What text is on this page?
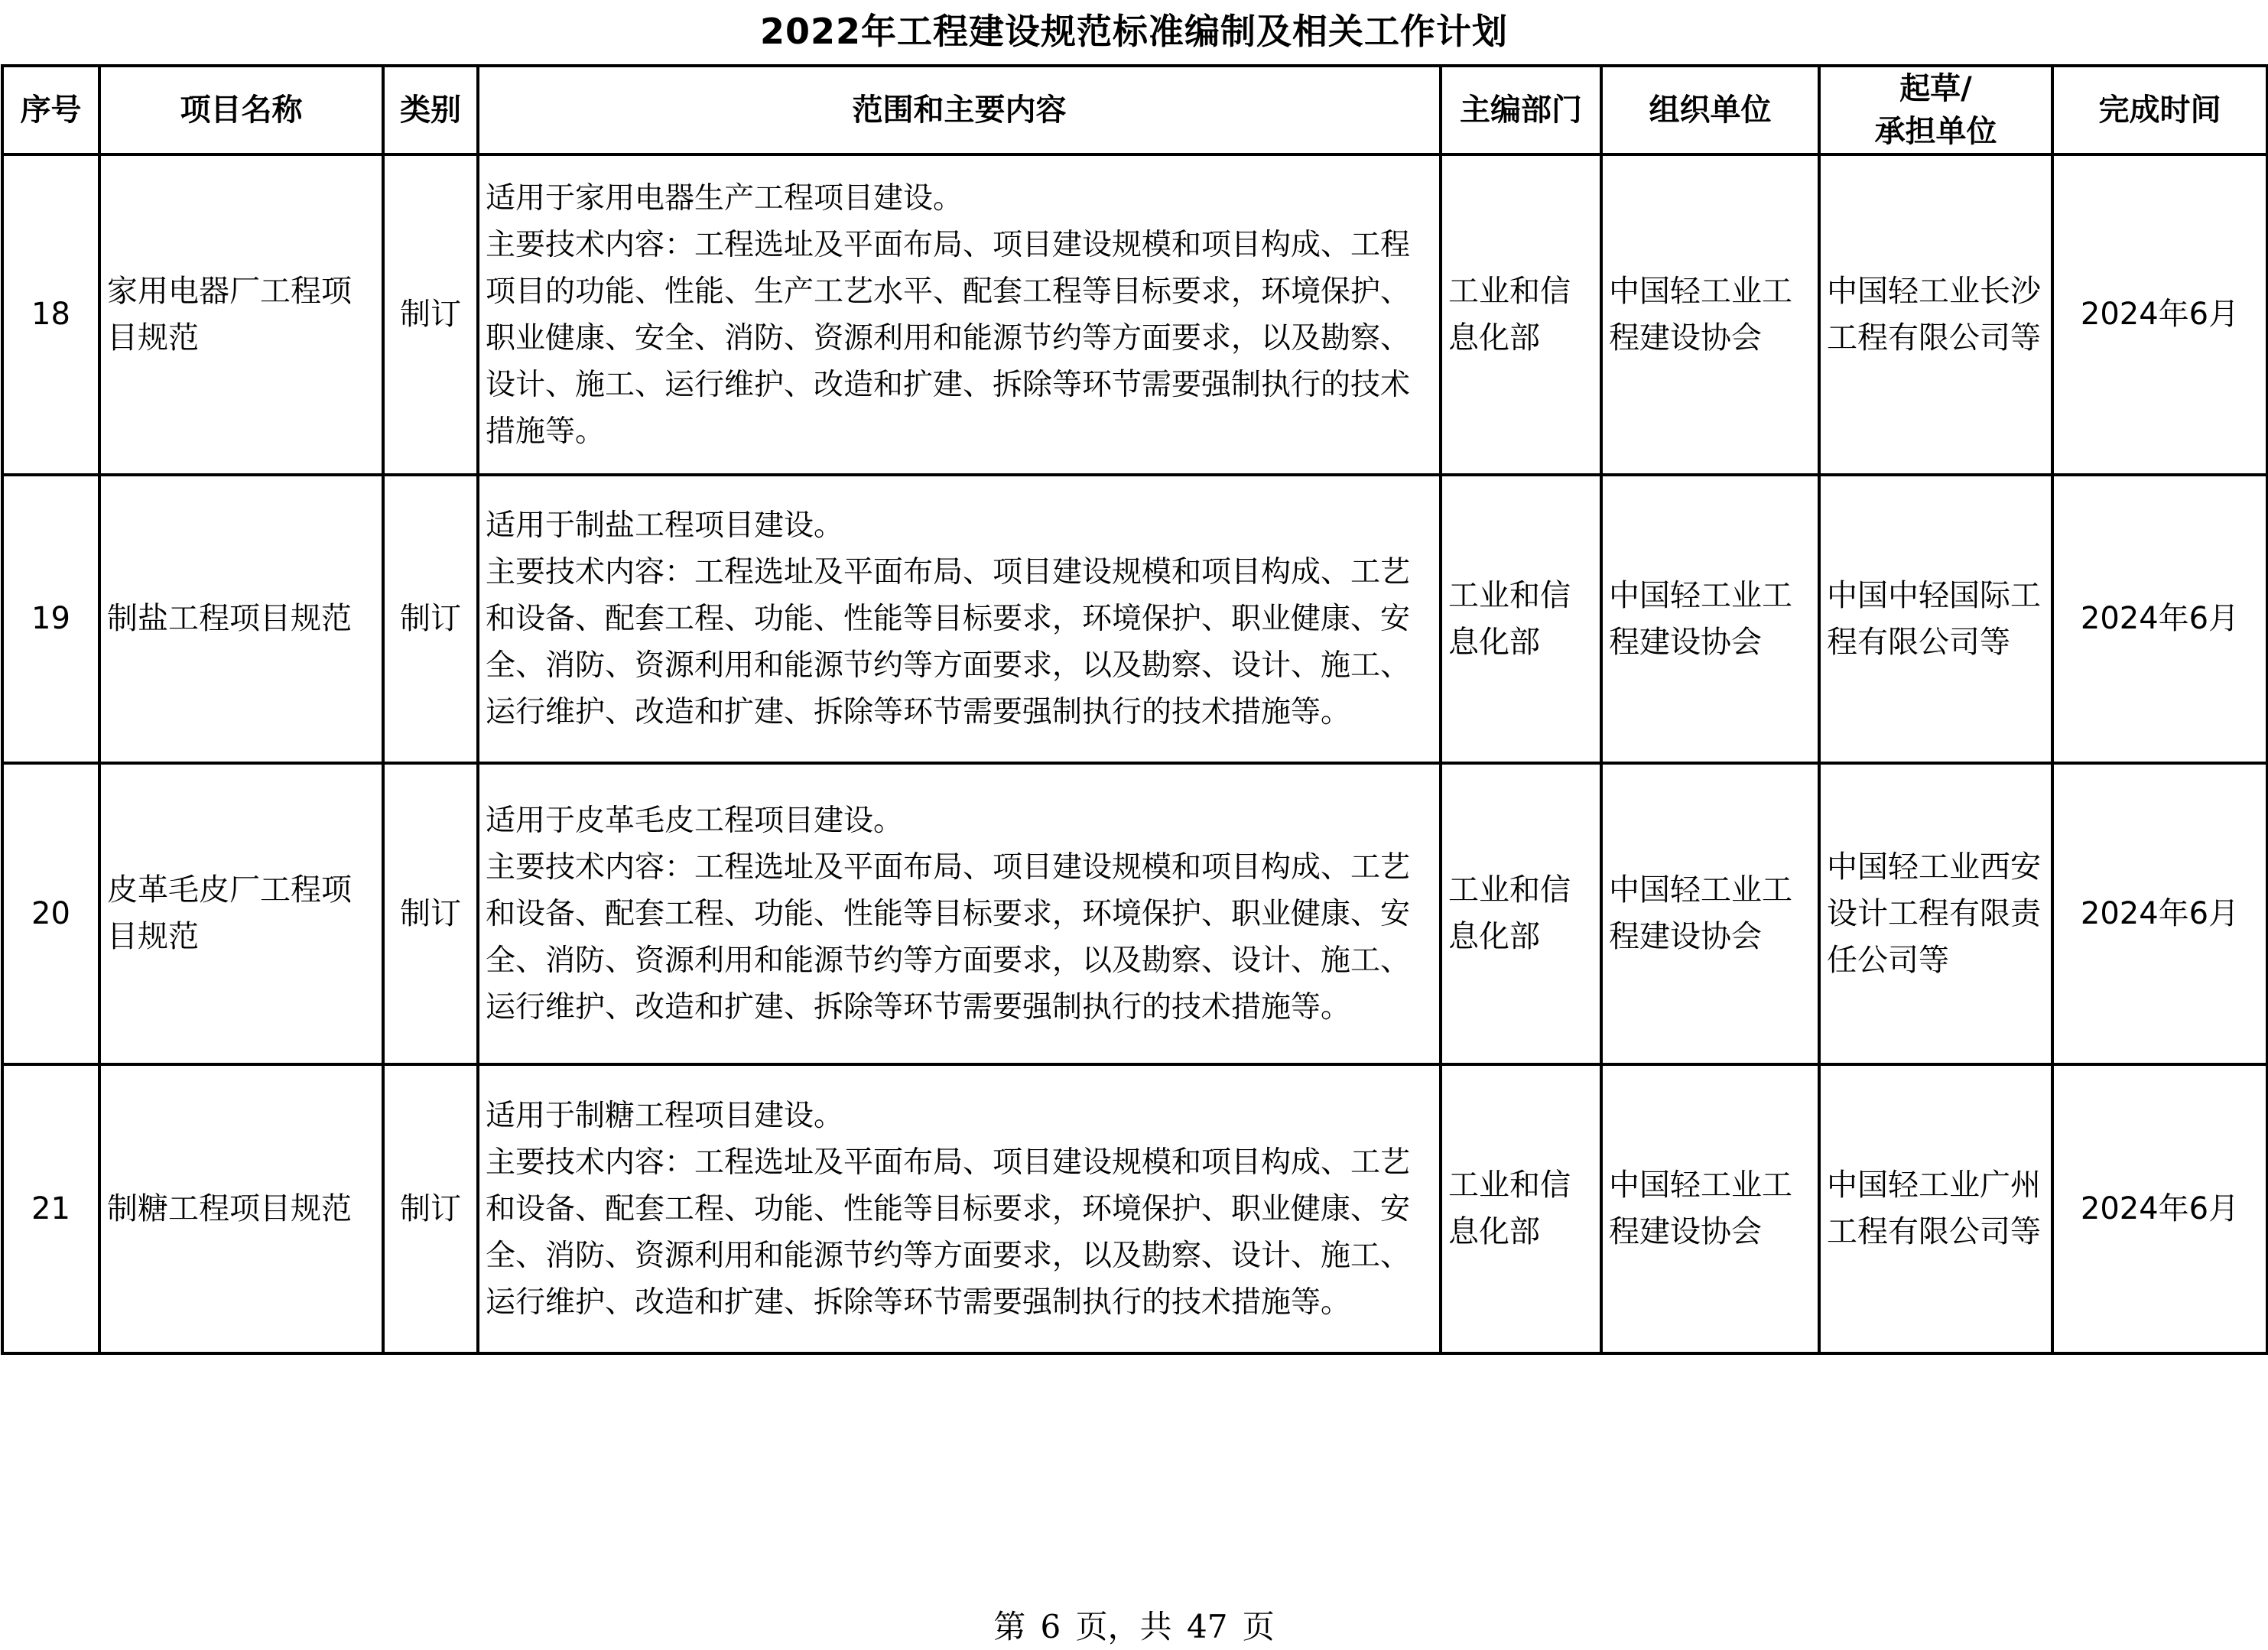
2022年工程建设规范标准编制及相关工作计划
序号	项目名称	类别	范围和主要内容	主编部门	组织单位	起草/
承担单位	完成时间
18	家用电器厂工程项目规范	制订	适用于家用电器生产工程项目建设。
主要技术内容：工程选址及平面布局、项目建设规模和项目构成、工程项目的功能、性能、生产工艺水平、配套工程等目标要求，环境保护、职业健康、安全、消防、资源利用和能源节约等方面要求，以及勘察、设计、施工、运行维护、改造和扩建、拆除等环节需要强制执行的技术措施等。	工业和信息化部	中国轻工业工程建设协会	中国轻工业长沙工程有限公司等	2024年6月
19	制盐工程项目规范	制订	适用于制盐工程项目建设。
主要技术内容：工程选址及平面布局、项目建设规模和项目构成、工艺和设备、配套工程、功能、性能等目标要求，环境保护、职业健康、安全、消防、资源利用和能源节约等方面要求，以及勘察、设计、施工、运行维护、改造和扩建、拆除等环节需要强制执行的技术措施等。	工业和信息化部	中国轻工业工程建设协会	中国中轻国际工程有限公司等	2024年6月
20	皮革毛皮厂工程项目规范	制订	适用于皮革毛皮工程项目建设。
主要技术内容：工程选址及平面布局、项目建设规模和项目构成、工艺和设备、配套工程、功能、性能等目标要求，环境保护、职业健康、安全、消防、资源利用和能源节约等方面要求，以及勘察、设计、施工、运行维护、改造和扩建、拆除等环节需要强制执行的技术措施等。	工业和信息化部	中国轻工业工程建设协会	中国轻工业西安设计工程有限责任公司等	2024年6月
21	制糖工程项目规范	制订	适用于制糖工程项目建设。
主要技术内容：工程选址及平面布局、项目建设规模和项目构成、工艺和设备、配套工程、功能、性能等目标要求，环境保护、职业健康、安全、消防、资源利用和能源节约等方面要求，以及勘察、设计、施工、运行维护、改造和扩建、拆除等环节需要强制执行的技术措施等。	工业和信息化部	中国轻工业工程建设协会	中国轻工业广州工程有限公司等	2024年6月
第 6 页，共 47 页
